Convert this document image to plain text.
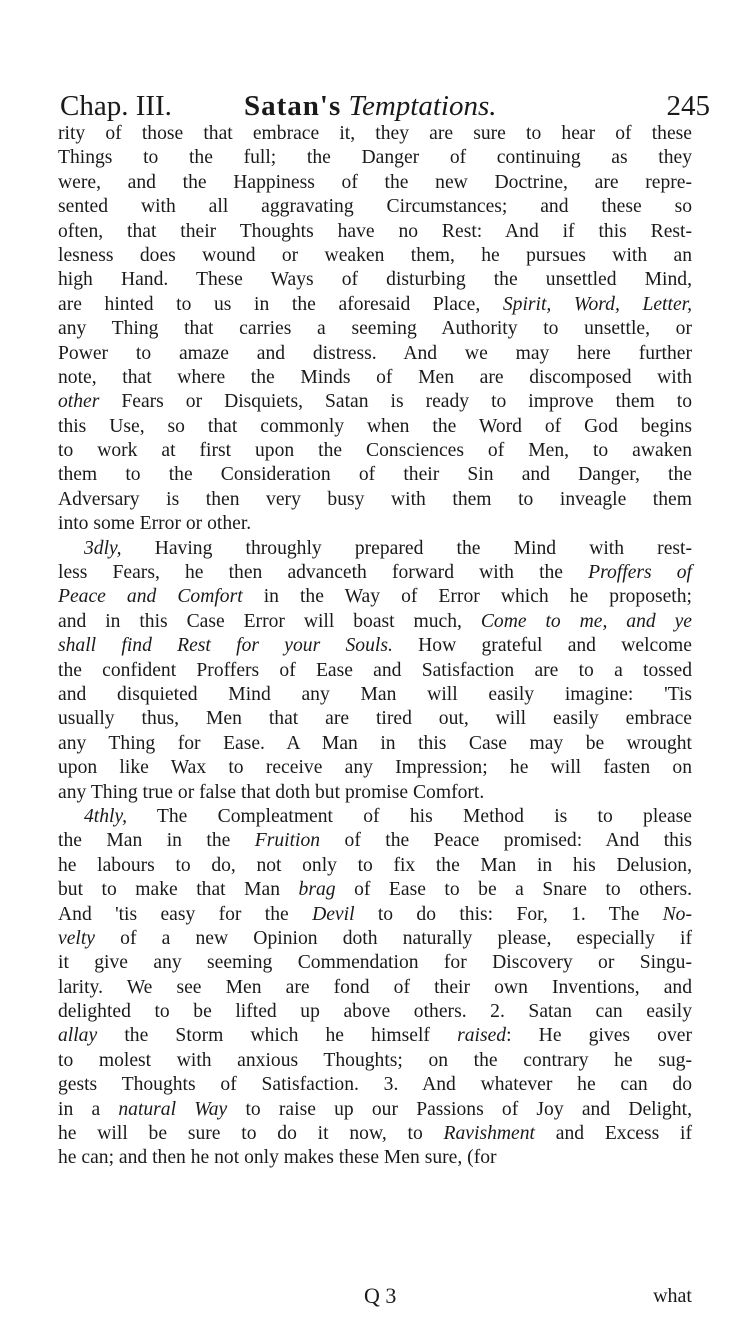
Chap. III. Satan's Temptations.	245
rity of those that embrace it, they are sure to hear of these
Things to the full; the Danger of continuing as they
were, and the Happiness of the new Doctrine, are repre-
sented with all aggravating Circumstances; and these so
often, that their Thoughts have no Rest: And if this Rest-
lesness does wound or weaken them, he pursues with an
high Hand. These Ways of disturbing the unsettled Mind,
are hinted to us in the aforesaid Place, Spirit, Word, Letter,
any Thing that carries a seeming Authority to unsettle, or
Power to amaze and distress. And we may here further
note, that where the Minds of Men are discomposed with
other Fears or Disquiets, Satan is ready to improve them to
this Use, so that commonly when the Word of God begins
to work at first upon the Consciences of Men, to awaken
them to the Consideration of their Sin and Danger, the
Adversary is then very busy with them to inveagle them
into some Error or other.
3dly, Having throughly prepared the Mind with rest-
less Fears, he then advanceth forward with the Proffers of
Peace and Comfort in the Way of Error which he proposeth;
and in this Case Error will boast much, Come to me, and ye
shall find Rest for your Souls. How grateful and welcome
the confident Proffers of Ease and Satisfaction are to a tossed
and disquieted Mind any Man will easily imagine: 'Tis
usually thus, Men that are tired out, will easily embrace
any Thing for Ease. A Man in this Case may be wrought
upon like Wax to receive any Impression; he will fasten on
any Thing true or false that doth but promise Comfort.
4thly, The Compleatment of his Method is to please
the Man in the Fruition of the Peace promised: And this
he labours to do, not only to fix the Man in his Delusion,
but to make that Man brag of Ease to be a Snare to others.
And 'tis easy for the Devil to do this: For, 1. The No-
velty of a new Opinion doth naturally please, especially if
it give any seeming Commendation for Discovery or Singu-
larity. We see Men are fond of their own Inventions, and
delighted to be lifted up above others. 2. Satan can easily
allay the Storm which he himself raised: He gives over
to molest with anxious Thoughts; on the contrary he sug-
gests Thoughts of Satisfaction. 3. And whatever he can do
in a natural Way to raise up our Passions of Joy and Delight,
he will be sure to do it now, to Ravishment and Excess if
he can; and then he not only makes these Men sure, (for
Q 3	what
